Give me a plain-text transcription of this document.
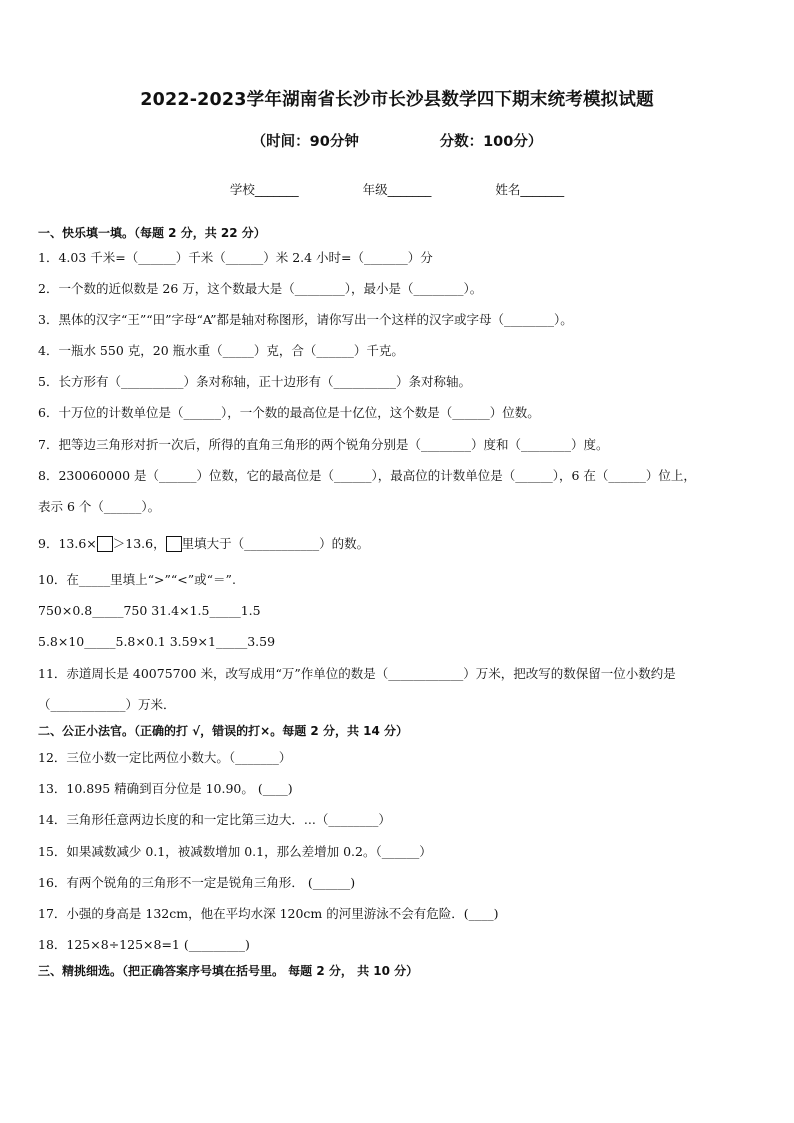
2022-2023学年湖南省长沙市长沙县数学四下期末统考模拟试题
（时间：90分钟                分数：100分）
学校_______	年级_______	姓名_______
一、快乐填一填。（每题 2 分，共 22 分）
1．4.03 千米=（______）千米（______）米 2.4 小时=（_______）分
2．一个数的近似数是 26 万，这个数最大是（________），最小是（________）。
3．黑体的汉字“王”“田”字母“A”都是轴对称图形，请你写出一个这样的汉字或字母（________）。
4．一瓶水 550 克，20 瓶水重（_____）克，合（______）千克。
5．长方形有（__________）条对称轴，正十边形有（__________）条对称轴。
6．十万位的计数单位是（______），一个数的最高位是十亿位，这个数是（______）位数。
7．把等边三角形对折一次后，所得的直角三角形的两个锐角分别是（________）度和（________）度。
8．230060000 是（______）位数，它的最高位是（______），最高位的计数单位是（______），6 在（______）位上，
表示 6 个（______）。
9．13.6× ＞13.6， 里填大于（____________）的数。
10．在_____里填上“>”“<”或“＝”.
750×0.8_____750 31.4×1.5_____1.5
5.8×10_____5.8×0.1 3.59×1_____3.59
11．赤道周长是 40075700 米，改写成用“万”作单位的数是（____________）万米，把改写的数保留一位小数约是
（____________）万米．
二、公正小法官。（正确的打 √，错误的打×。每题 2 分，共 14 分）
12．三位小数一定比两位小数大。（_______）
13．10.895 精确到百分位是 10.90。 (____)
14．三角形任意两边长度的和一定比第三边大．...（________）
15．如果减数减少 0.1，被减数增加 0.1，那么差增加 0.2。（______）
16．有两个锐角的三角形不一定是锐角三角形． (______)
17．小强的身高是 132cm，他在平均水深 120cm 的河里游泳不会有危险．(____)
18．125×8÷125×8=1 (_________)
三、精挑细选。（把正确答案序号填在括号里。 每题 2 分， 共 10 分）
